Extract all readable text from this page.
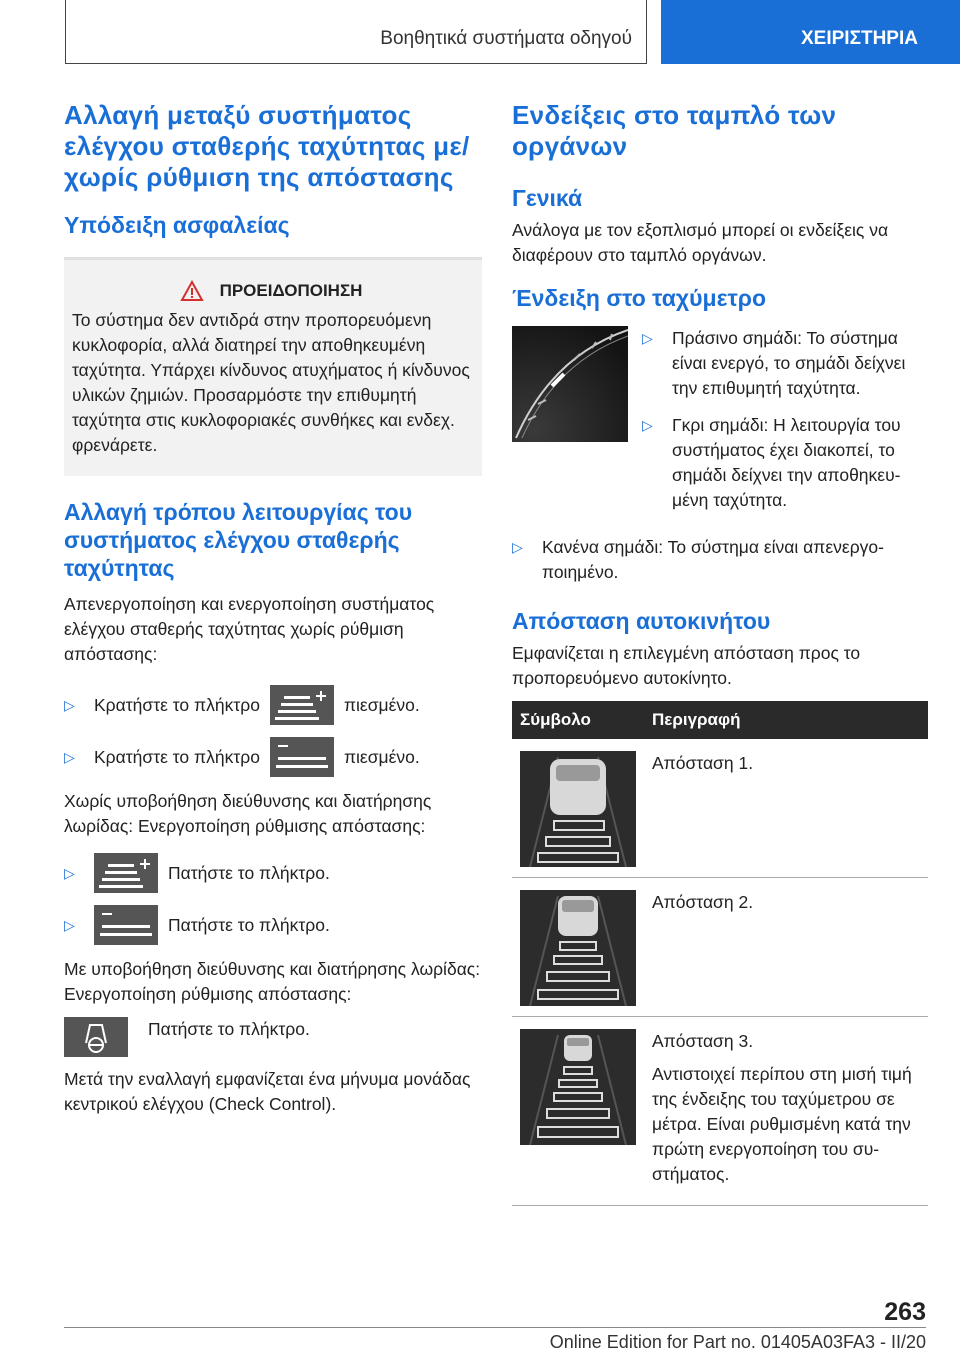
Βοηθητικά συστήματα οδηγού	ΧΕΙΡΙΣΤΗΡΙΑ
Αλλαγή μεταξύ συστήματος ελέγχου σταθερής ταχύτητας με/χωρίς ρύθμιση της απόστασης
Υπόδειξη ασφαλείας
ΠΡΟΕΙΔΟΠΟΙΗΣΗ

Το σύστημα δεν αντιδρά στην προπορευόμενη κυκλοφορία, αλλά διατηρεί την αποθηκευμένη ταχύτητα. Υπάρχει κίνδυνος ατυχήματος ή κίνδυνος υλικών ζημιών. Προσαρμόστε την επιθυμητή ταχύτητα στις κυκλοφοριακές συνθήκες και ενδεχ. φρενάρετε.

Αλλαγή τρόπου λειτουργίας του συστήματος ελέγχου σταθερής ταχύτητας

Απενεργοποίηση και ενεργοποίηση συστήματος ελέγχου σταθερής ταχύτητας χωρίς ρύθμιση απόστασης:

▷ Κρατήστε το πλήκτρο	πιεσμένο.
▷ Κρατήστε το πλήκτρο	πιεσμένο.

Χωρίς υποβοήθηση διεύθυνσης και διατήρησης λωρίδας: Ενεργοποίηση ρύθμισης απόστασης:

▷	Πατήστε το πλήκτρο.
▷	Πατήστε το πλήκτρο.

Με υποβοήθηση διεύθυνσης και διατήρησης λωρίδας: Ενεργοποίηση ρύθμισης απόστασης:

Πατήστε το πλήκτρο.

Μετά την εναλλαγή εμφανίζεται ένα μήνυμα μονάδας κεντρικού ελέγχου (Check Control).

Ενδείξεις στο ταμπλό των οργάνων
Γενικά

Ανάλογα με τον εξοπλισμό μπορεί οι ενδείξεις να διαφέρουν στο ταμπλό οργάνων.

Ένδειξη στο ταχύμετρο
▷ Πράσινο σημάδι: Το σύστημα είναι ενεργό, το σημάδι δείχνει την επιθυμητή ταχύτητα.
▷ Γκρι σημάδι: Η λειτουργία του συστήματος έχει διακοπεί, το σημάδι δείχνει την αποθηκευμένη ταχύτητα.
▷ Κανένα σημάδι: Το σύστημα είναι απενεργοποιημένο.
Απόσταση αυτοκινήτου

Εμφανίζεται η επιλεγμένη απόσταση προς το προπορευόμενο αυτοκίνητο.

Σύμβολο	Περιγραφή

Απόσταση 1.

Απόσταση 2.

Απόσταση 3.

Αντιστοιχεί περίπου στη μισή τιμή της ένδειξης του ταχύμετρου σε μέτρα. Είναι ρυθμισμένη κατά την πρώτη ενεργοποίηση του συστήματος.

263
Online Edition for Part no. 01405A03FA3 - II/20
